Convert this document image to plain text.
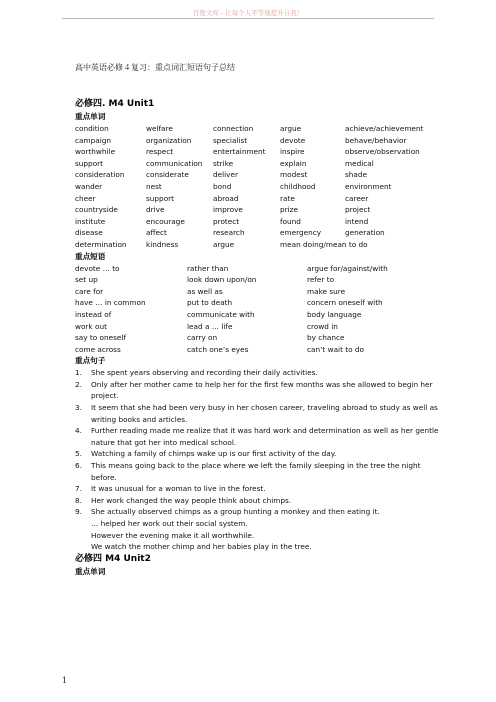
百度文库 - 让每个人平等地提升自我！
高中英语必修４复习：重点词汇短语句子总结
必修四. M4 Unit1
重点单词
condition	welfare	connection	argue	achieve/achievement
campaign	organization	specialist	devote	behave/behavior
worthwhile	respect	entertainment inspire	observe/observation
support	communication strike	explain	medical
consideration	considerate	deliver	modest	shade
wander	nest	bond	childhood	environment
cheer	support	abroad	rate	career
countryside	drive	improve	prize	project
institute	encourage	protect	found	intend
disease	affect	research	emergency	generation
determination	kindness	argue	mean doing/mean to do
重点短语
devote … to	rather than	argue for/against/with
set up	look down upon/on	refer to
care for	as well as	make sure
have … in common	put to death	concern oneself with
instead of	communicate with	body language
work out	lead a … life	crowd in
say to oneself	carry on	by chance
come across	catch one’s eyes	can’t wait to do
重点句子
1. She spent years observing and recording their daily activities.
2. Only after her mother came to help her for the first few months was she allowed to begin her project.
3. It seem that she had been very busy in her chosen career, traveling abroad to study as well as writing books and articles.
4. Further reading made me realize that it was hard work and determination as well as her gentle nature that got her into medical school.
5. Watching a family of chimps wake up is our first activity of the day.
6. This means going back to the place where we left the family sleeping in the tree the night before.
7. It was unusual for a woman to live in the forest.
8. Her work changed the way people think about chimps.
9. She actually observed chimps as a group hunting a monkey and then eating it.
… helped her work out their social system.
However the evening make it all worthwhile.
We watch the mother chimp and her babies play in the tree.
必修四 M4 Unit2
重点单词
1
